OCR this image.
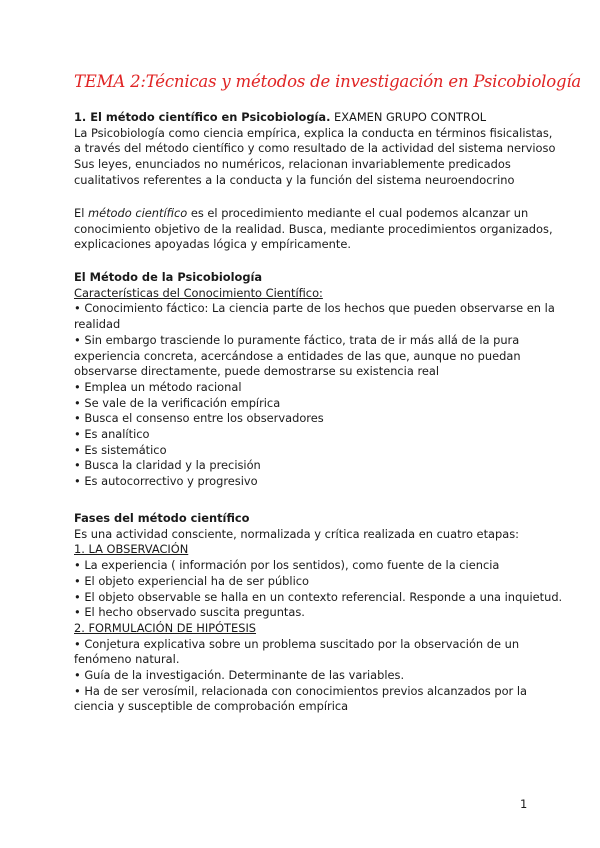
TEMA 2:Técnicas y métodos de investigación en Psicobiología
1. El método científico en Psicobiología. EXAMEN GRUPO CONTROL
La Psicobiología como ciencia empírica, explica la conducta en términos fisicalistas,
a través del método científico y como resultado de la actividad del sistema nervioso
Sus leyes, enunciados no numéricos, relacionan invariablemente predicados
cualitativos referentes a la conducta y la función del sistema neuroendocrino
El método científico es el procedimiento mediante el cual podemos alcanzar un
conocimiento objetivo de la realidad. Busca, mediante procedimientos organizados,
explicaciones apoyadas lógica y empíricamente.
El Método de la Psicobiología
Características del Conocimiento Científico:
• Conocimiento fáctico: La ciencia parte de los hechos que pueden observarse en la
realidad
• Sin embargo trasciende lo puramente fáctico, trata de ir más allá de la pura
experiencia concreta, acercándose a entidades de las que, aunque no puedan
observarse directamente, puede demostrarse su existencia real
• Emplea un método racional
• Se vale de la verificación empírica
• Busca el consenso entre los observadores
• Es analítico
• Es sistemático
• Busca la claridad y la precisión
• Es autocorrectivo y progresivo
Fases del método científico
Es una actividad consciente, normalizada y crítica realizada en cuatro etapas:
1. LA OBSERVACIÓN
• La experiencia ( información por los sentidos), como fuente de la ciencia
• El objeto experiencial ha de ser público
• El objeto observable se halla en un contexto referencial. Responde a una inquietud.
• El hecho observado suscita preguntas.
2. FORMULACIÓN DE HIPÓTESIS
• Conjetura explicativa sobre un problema suscitado por la observación de un
fenómeno natural.
• Guía de la investigación. Determinante de las variables.
• Ha de ser verosímil, relacionada con conocimientos previos alcanzados por la
ciencia y susceptible de comprobación empírica
1
